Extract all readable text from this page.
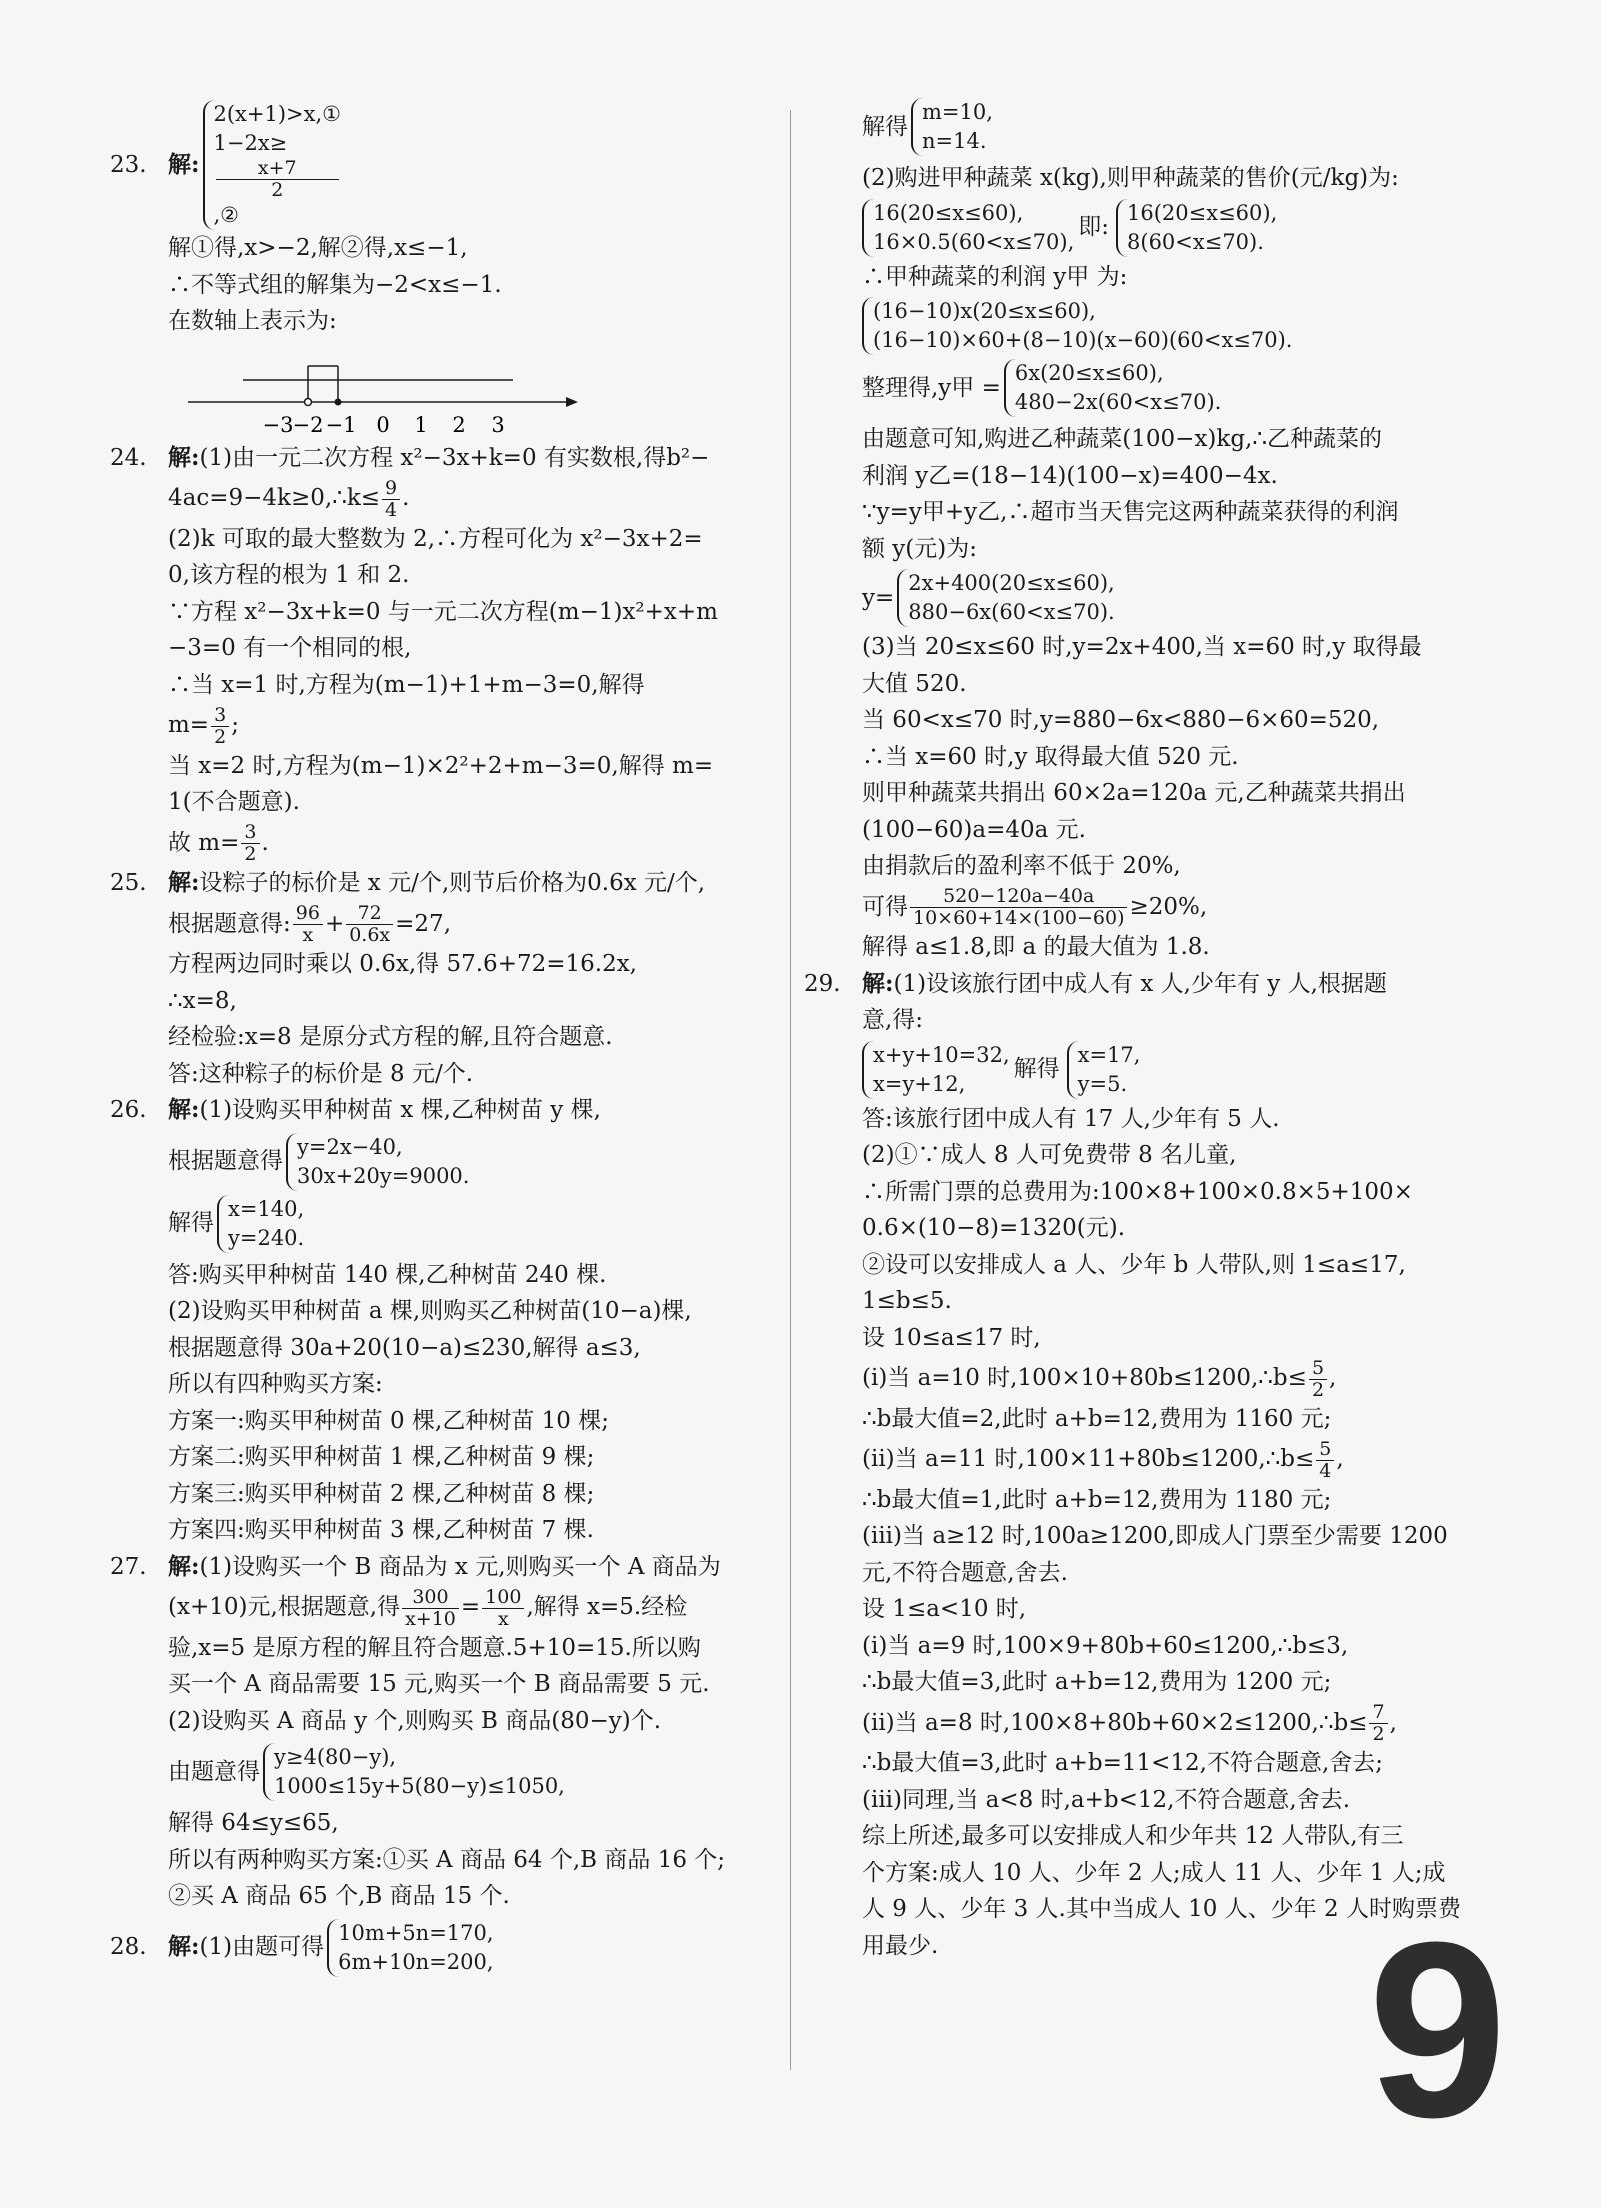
23. 解:
2(x+1)>x,①
1−2x≥
x+7
2
,②
解①得,x>−2,解②得,x≤−1,
∴不等式组的解集为−2<x≤−1.
在数轴上表示为:
−3 −2 −1 0 1 2 3
24. 解:(1)由一元二次方程 x²−3x+k=0 有实数根,得b²−
4ac=9−4k≥0,∴k≤ $\frac{9}{4}$ .
(2)k 可取的最大整数为 2,∴方程可化为 x²−3x+2=
0,该方程的根为 1 和 2.
∵方程 x²−3x+k=0 与一元二次方程(m−1)x²+x+m
−3=0 有一个相同的根,
∴当 x=1 时,方程为(m−1)+1+m−3=0,解得
$m= \frac{3}{2}$ ;
当 x=2 时,方程为(m−1)×2²+2+m−3=0,解得 m=
1(不合题意).
故 $m= \frac{3}{2}$ .
25. 解:设粽子的标价是 x 元/个,则节后价格为0.6x 元/个,
根据题意得: $\frac{96}{x} + \frac{72}{0.6x} =27$,
方程两边同时乘以 0.6x,得 57.6+72=16.2x,
∴x=8,
经检验:x=8 是原分式方程的解,且符合题意.
答:这种粽子的标价是 8 元/个.
26. 解:(1)设购买甲种树苗 x 棵,乙种树苗 y 棵,
根据题意得
y=2x−40,
30x+20y=9000.
解得
x=140,
y=240.
答:购买甲种树苗 140 棵,乙种树苗 240 棵.
(2)设购买甲种树苗 a 棵,则购买乙种树苗(10−a)棵,
根据题意得 30a+20(10−a)≤230,解得 a≤3,
所以有四种购买方案:
方案一:购买甲种树苗 0 棵,乙种树苗 10 棵;
方案二:购买甲种树苗 1 棵,乙种树苗 9 棵;
方案三:购买甲种树苗 2 棵,乙种树苗 8 棵;
方案四:购买甲种树苗 3 棵,乙种树苗 7 棵.
27. 解:(1)设购买一个 B 商品为 x 元,则购买一个 A 商品为
(x+10)元,根据题意,得 $\frac{300}{x+10} = \frac{100}{x}$ ,解得 x=5.经检
验,x=5 是原方程的解且符合题意.5+10=15.所以购
买一个 A 商品需要 15 元,购买一个 B 商品需要 5 元.
(2)设购买 A 商品 y 个,则购买 B 商品(80−y)个.
由题意得
y≥4(80−y),
1000≤15y+5(80−y)≤1050,
解得 64≤y≤65,
所以有两种购买方案:①买 A 商品 64 个,B 商品 16 个;
②买 A 商品 65 个,B 商品 15 个.
28. 解: (1)由题可得
10m+5n=170,
6m+10n=200,
解得
m=10,
n=14.
(2)购进甲种蔬菜 x(kg),则甲种蔬菜的售价(元/kg)为:
16(20≤x≤60),
16×0.5(60<x≤70),
即:
16(20≤x≤60),
8(60<x≤70).
∴甲种蔬菜的利润 y甲 为:
(16−10)x(20≤x≤60),
(16−10)×60+(8−10)(x−60)(60<x≤70).
整理得,y甲 =
6x(20≤x≤60),
480−2x(60<x≤70).
由题意可知,购进乙种蔬菜(100−x)kg,∴乙种蔬菜的
利润 y乙=(18−14)(100−x)=400−4x.
∵y=y甲+y乙,∴超市当天售完这两种蔬菜获得的利润
额 y(元)为:
y=
2x+400(20≤x≤60),
880−6x(60<x≤70).
(3)当 20≤x≤60 时,y=2x+400,当 x=60 时,y 取得最
大值 520.
当 60<x≤70 时,y=880−6x<880−6×60=520,
∴当 x=60 时,y 取得最大值 520 元.
则甲种蔬菜共捐出 60×2a=120a 元,乙种蔬菜共捐出
(100−60)a=40a 元.
由捐款后的盈利率不低于 20%,
可得 $\frac{520-120a-40a}{10\times 60+14\times(100-60)} \ge 20\%$,
解得 a≤1.8,即 a 的最大值为 1.8.
29. 解:(1)设该旅行团中成人有 x 人,少年有 y 人,根据题
意,得:
x+y+10=32,
x=y+12,
解得
x=17,
y=5.
答:该旅行团中成人有 17 人,少年有 5 人.
(2)①∵成人 8 人可免费带 8 名儿童,
∴所需门票的总费用为:100×8+100×0.8×5+100×
0.6×(10−8)=1320(元).
②设可以安排成人 a 人、少年 b 人带队,则 1≤a≤17,
1≤b≤5.
设 10≤a≤17 时,
(i)当 a=10 时,100×10+80b≤1200,∴b≤ $\frac{5}{2}$ ,
∴b最大值=2,此时 a+b=12,费用为 1160 元;
(ii)当 a=11 时,100×11+80b≤1200,∴b≤ $\frac{5}{4}$ ,
∴b最大值=1,此时 a+b=12,费用为 1180 元;
(iii)当 a≥12 时,100a≥1200,即成人门票至少需要 1200
元,不符合题意,舍去.
设 1≤a<10 时,
(i)当 a=9 时,100×9+80b+60≤1200,∴b≤3,
∴b最大值=3,此时 a+b=12,费用为 1200 元;
(ii)当 a=8 时,100×8+80b+60×2≤1200,∴b≤ $\frac{7}{2}$ ,
∴b最大值=3,此时 a+b=11<12,不符合题意,舍去;
(iii)同理,当 a<8 时,a+b<12,不符合题意,舍去.
综上所述,最多可以安排成人和少年共 12 人带队,有三
个方案:成人 10 人、少年 2 人;成人 11 人、少年 1 人;成
人 9 人、少年 3 人.其中当成人 10 人、少年 2 人时购票费
用最少.	9
